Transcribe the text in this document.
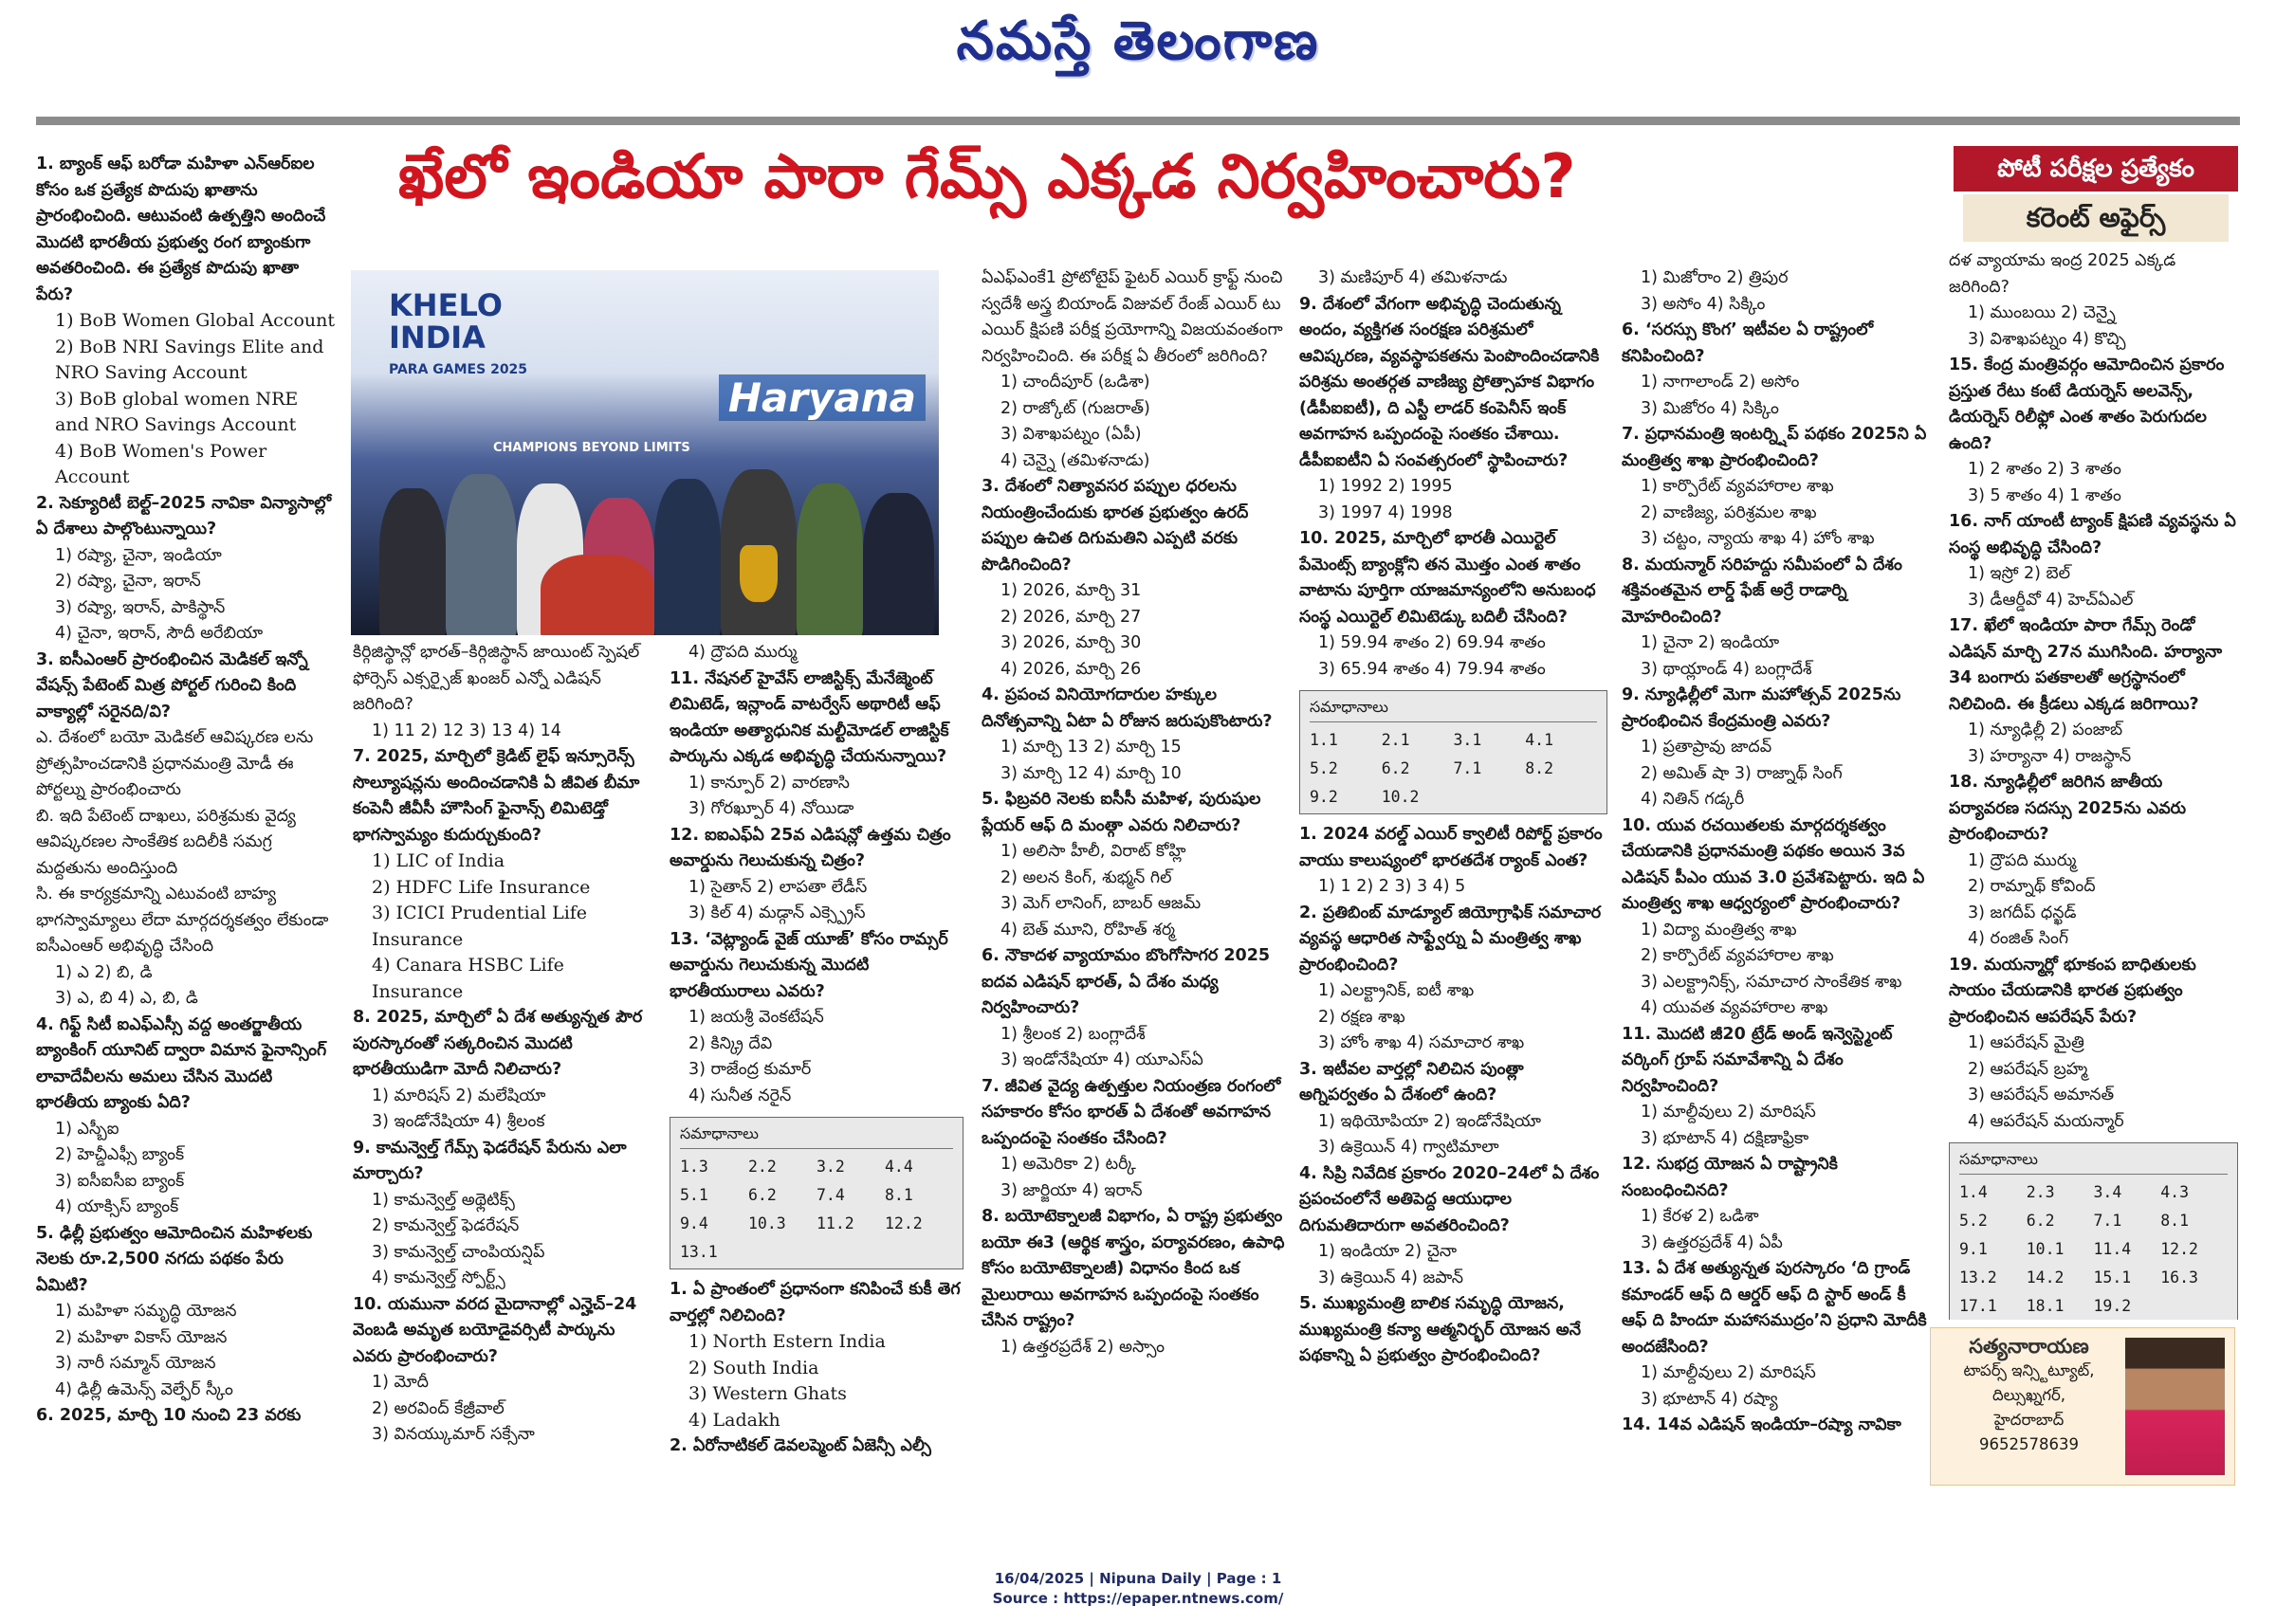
నమస్తే తెలంగాణ
ఖేలో ఇండియా పారా గేమ్స్ ఎక్కడ నిర్వహించారు?	పోటీ పరీక్షల ప్రత్యేకం
కరెంట్ అఫైర్స్
KHELO
INDIA
PARA GAMES 2025
Haryana
CHAMPIONS BEYOND LIMITS

1. బ్యాంక్ ఆఫ్ బరోడా మహిళా ఎన్ఆర్ఐల కోసం ఒక ప్రత్యేక పొదుపు ఖాతాను ప్రారంభించింది. ఆటువంటి ఉత్పత్తిని అందించే మొదటి భారతీయ ప్రభుత్వ రంగ బ్యాంకుగా అవతరించింది. ఈ ప్రత్యేక పొదుపు ఖాతా పేరు?

1) BoB Women Global Account

2) BoB NRI Savings Elite and NRO Saving Account

3) BoB global women NRE and NRO Savings Account

4) BoB Women's Power Account

2. సెక్యూరిటీ బెల్ట్–2025 నావికా విన్యాసాల్లో ఏ దేశాలు పాల్గొంటున్నాయి?

1) రష్యా, చైనా, ఇండియా

2) రష్యా, చైనా, ఇరాన్

3) రష్యా, ఇరాన్, పాకిస్థాన్

4) చైనా, ఇరాన్, సౌదీ అరేబియా

3. ఐసీఎంఆర్ ప్రారంభించిన మెడికల్ ఇన్నో వేషన్స్ పేటెంట్ మిత్ర పోర్టల్ గురించి కింది వాక్యాల్లో సరైనది/వి?

ఎ. దేశంలో బయో మెడికల్ ఆవిష్కరణ లను ప్రోత్సహించడానికి ప్రధానమంత్రి మోడీ ఈ పోర్టల్ను ప్రారంభించారు

బి. ఇది పేటెంట్ దాఖలు, పరిశ్రమకు వైద్య ఆవిష్కరణల సాంకేతిక బదిలీకి సమగ్ర మద్దతును అందిస్తుంది

సి. ఈ కార్యక్రమాన్ని ఎటువంటి బాహ్య భాగస్వామ్యాలు లేదా మార్గదర్శకత్వం లేకుండా ఐసీఎంఆర్ అభివృద్ధి చేసింది

1) ఎ 2) బి, డి

3) ఎ, బి 4) ఎ, బి, డి

4. గిఫ్ట్ సిటీ ఐఎఫ్ఎస్సీ వద్ద అంతర్జాతీయ బ్యాంకింగ్ యూనిట్ ద్వారా విమాన ఫైనాన్సింగ్ లావాదేవీలను అమలు చేసిన మొదటి భారతీయ బ్యాంకు ఏది?

1) ఎస్బీఐ

2) హెచ్డీఎఫ్సీ బ్యాంక్

3) ఐసీఐసీఐ బ్యాంక్

4) యాక్సిస్ బ్యాంక్

5. ఢిల్లీ ప్రభుత్వం ఆమోదించిన మహిళలకు నెలకు రూ.2,500 నగదు పథకం పేరు ఏమిటి?

1) మహిళా సమృద్ధి యోజన

2) మహిళా వికాస్ యోజన

3) నారీ సమ్మాన్ యోజన

4) ఢిల్లీ ఉమెన్స్ వెల్ఫేర్ స్కీం

6. 2025, మార్చి 10 నుంచి 23 వరకు

కిర్గిజిస్థాన్లో భారత్–కిర్గిజిస్థాన్ జాయింట్ స్పెషల్ ఫోర్సెస్ ఎక్సర్సైజ్ ఖంజర్ ఎన్నో ఎడిషన్ జరిగింది?

1) 11 2) 12 3) 13 4) 14

7. 2025, మార్చిలో క్రెడిట్ లైఫ్ ఇన్సూరెన్స్ సొల్యూషన్లను అందించడానికి ఏ జీవిత బీమా కంపెనీ జీవీసీ హౌసింగ్ ఫైనాన్స్ లిమిటెడ్తో భాగస్వామ్యం కుదుర్చుకుంది?

1) LIC of India

2) HDFC Life Insurance

3) ICICI Prudential Life Insurance

4) Canara HSBC Life Insurance

8. 2025, మార్చిలో ఏ దేశ అత్యున్నత పౌర పురస్కారంతో సత్కరించిన మొదటి భారతీయుడిగా మోదీ నిలిచారు?

1) మారిషస్ 2) మలేషియా

3) ఇండోనేషియా 4) శ్రీలంక

9. కామన్వెల్త్ గేమ్స్ ఫెడరేషన్ పేరును ఎలా మార్చారు?

1) కామన్వెల్త్ అథ్లెటిక్స్

2) కామన్వెల్త్ ఫెడరేషన్

3) కామన్వెల్త్ చాంపియన్షిప్

4) కామన్వెల్త్ స్పోర్ట్స్

10. యమునా వరద మైదానాల్లో ఎన్హెచ్–24 వెంబడి అమృత బయోడైవర్సిటీ పార్కును ఎవరు ప్రారంభించారు?

1) మోదీ

2) అరవింద్ కేజ్రీవాల్

3) వినయ్కుమార్ సక్సేనా

4) ద్రౌపది ముర్ము

11. నేషనల్ హైవేస్ లాజిస్టిక్స్ మేనేజ్మెంట్ లిమిటెడ్, ఇన్లాండ్ వాటర్వేస్ అథారిటీ ఆఫ్ ఇండియా అత్యాధునిక మల్టీమోడల్ లాజిస్టిక్ పార్కును ఎక్కడ అభివృద్ధి చేయనున్నాయి?

1) కాన్పూర్ 2) వారణాసి

3) గోరఖ్పూర్ 4) నోయిడా

12. ఐఐఎఫ్ఏ 25వ ఎడిషన్లో ఉత్తమ చిత్రం అవార్డును గెలుచుకున్న చిత్రం?

1) సైతాన్ 2) లాపతా లేడీస్

3) కిల్ 4) మడ్గాన్ ఎక్స్ప్రెస్

13. ‘వెట్ల్యాండ్ వైజ్ యూజ్’ కోసం రామ్సర్ అవార్డును గెలుచుకున్న మొదటి భారతీయురాలు ఎవరు?

1) జయశ్రీ వెంకటేషన్

2) కిన్క్రి దేవి

3) రాజేంద్ర కుమార్

4) సునీత నరైన్

సమాధానాలు
1.3	2.2	3.2	4.4
5.1	6.2	7.4	8.1
9.4	10.3	11.2	12.2
13.1

1. ఏ ప్రాంతంలో ప్రధానంగా కనిపించే కుకీ తెగ వార్తల్లో నిలిచింది?

1) North Estern India

2) South India

3) Western Ghats

4) Ladakh

2. ఏరోనాటికల్ డెవలప్మెంట్ ఏజెన్సీ ఎల్సీ

ఏఎఫ్ఎంకే1 ప్రోటోటైప్ ఫైటర్ ఎయిర్ క్రాఫ్ట్ నుంచి స్వదేశీ అస్త్ర బియాండ్ విజువల్ రేంజ్ ఎయిర్ టు ఎయిర్ క్షిపణి పరీక్ష ప్రయోగాన్ని విజయవంతంగా నిర్వహించింది. ఈ పరీక్ష ఏ తీరంలో జరిగింది?

1) చాందీపూర్ (ఒడిశా)

2) రాజ్కోట్ (గుజరాత్)

3) విశాఖపట్నం (ఏపీ)

4) చెన్నై (తమిళనాడు)

3. దేశంలో నిత్యావసర పప్పుల ధరలను నియంత్రించేందుకు భారత ప్రభుత్వం ఉరద్ పప్పుల ఉచిత దిగుమతిని ఎప్పటి వరకు పొడిగించింది?

1) 2026, మార్చి 31

2) 2026, మార్చి 27

3) 2026, మార్చి 30

4) 2026, మార్చి 26

4. ప్రపంచ వినియోగదారుల హక్కుల దినోత్సవాన్ని ఏటా ఏ రోజున జరుపుకొంటారు?

1) మార్చి 13 2) మార్చి 15

3) మార్చి 12 4) మార్చి 10

5. ఫిబ్రవరి నెలకు ఐసీసీ మహిళ, పురుషుల ప్లేయర్ ఆఫ్ ది మంత్గా ఎవరు నిలిచారు?

1) అలిసా హీలీ, విరాట్ కోహ్లి

2) అలన కింగ్, శుభ్మన్ గిల్

3) మెగ్ లానింగ్, బాబర్ ఆజమ్

4) బెత్ మూని, రోహిత్ శర్మ

6. నౌకాదళ వ్యాయామం బొంగోసాగర 2025 ఐదవ ఎడిషన్ భారత్, ఏ దేశం మధ్య నిర్వహించారు?

1) శ్రీలంక 2) బంగ్లాదేశ్

3) ఇండోనేషియా 4) యూఎస్ఏ

7. జీవిత వైద్య ఉత్పత్తుల నియంత్రణ రంగంలో సహకారం కోసం భారత్ ఏ దేశంతో అవగాహన ఒప్పందంపై సంతకం చేసింది?

1) అమెరికా 2) టర్కీ

3) జార్జియా 4) ఇరాన్

8. బయోటెక్నాలజీ విభాగం, ఏ రాష్ట్ర ప్రభుత్వం బయో ఈ3 (ఆర్థిక శాస్త్రం, పర్యావరణం, ఉపాధి కోసం బయోటెక్నాలజీ) విధానం కింద ఒక మైలురాయి అవగాహన ఒప్పందంపై సంతకం చేసిన రాష్ట్రం?

1) ఉత్తరప్రదేశ్ 2) అస్సాం

3) మణిపూర్ 4) తమిళనాడు

9. దేశంలో వేగంగా అభివృద్ధి చెందుతున్న అందం, వ్యక్తిగత సంరక్షణ పరిశ్రమలో ఆవిష్కరణ, వ్యవస్థాపకతను పెంపొందించడానికి పరిశ్రమ అంతర్గత వాణిజ్య ప్రోత్సాహక విభాగం (డీపీఐఐటీ), ది ఎస్టీ లాడర్ కంపెనీస్ ఇంక్ అవగాహన ఒప్పందంపై సంతకం చేశాయి. డీపీఐఐటీని ఏ సంవత్సరంలో స్థాపించారు?

1) 1992 2) 1995

3) 1997 4) 1998

10. 2025, మార్చిలో భారతీ ఎయిర్టెల్ పేమెంట్స్ బ్యాంక్లోని తన మొత్తం ఎంత శాతం వాటాను పూర్తిగా యాజమాన్యంలోని అనుబంధ సంస్థ ఎయిర్టెల్ లిమిటెడ్కు బదిలీ చేసింది?

1) 59.94 శాతం 2) 69.94 శాతం

3) 65.94 శాతం 4) 79.94 శాతం

సమాధానాలు
1.1	2.1	3.1	4.1
5.2	6.2	7.1	8.2
9.2	10.2

1. 2024 వరల్డ్ ఎయిర్ క్వాలిటీ రిపోర్ట్ ప్రకారం వాయు కాలుష్యంలో భారతదేశ ర్యాంక్ ఎంత?

1) 1 2) 2 3) 3 4) 5

2. ప్రతిబింబ్ మాడ్యూల్ జియోగ్రాఫిక్ సమాచార వ్యవస్థ ఆధారిత సాఫ్ట్వేర్ను ఏ మంత్రిత్వ శాఖ ప్రారంభించింది?

1) ఎలక్ట్రానిక్, ఐటీ శాఖ

2) రక్షణ శాఖ

3) హోం శాఖ 4) సమాచార శాఖ

3. ఇటీవల వార్తల్లో నిలిచిన పుంత్లా అగ్నిపర్వతం ఏ దేశంలో ఉంది?

1) ఇథియోపియా 2) ఇండోనేషియా

3) ఉక్రెయిన్ 4) గ్వాటిమాలా

4. సిప్రి నివేదిక ప్రకారం 2020–24లో ఏ దేశం ప్రపంచంలోనే అతిపెద్ద ఆయుధాల దిగుమతిదారుగా అవతరించింది?

1) ఇండియా 2) చైనా

3) ఉక్రెయిన్ 4) జపాన్

5. ముఖ్యమంత్రి బాలిక సమృద్ధి యోజన, ముఖ్యమంత్రి కన్యా ఆత్మనిర్భర్ యోజన అనే పథకాన్ని ఏ ప్రభుత్వం ప్రారంభించింది?

1) మిజోరాం 2) త్రిపుర

3) అసోం 4) సిక్కిం

6. ‘సరస్సు కొంగ’ ఇటీవల ఏ రాష్ట్రంలో కనిపించింది?

1) నాగాలాండ్ 2) అసోం

3) మిజోరం 4) సిక్కిం

7. ప్రధానమంత్రి ఇంటర్న్షిప్ పథకం 2025ని ఏ మంత్రిత్వ శాఖ ప్రారంభించింది?

1) కార్పొరేట్ వ్యవహారాల శాఖ

2) వాణిజ్య, పరిశ్రమల శాఖ

3) చట్టం, న్యాయ శాఖ 4) హోం శాఖ

8. మయన్మార్ సరిహద్దు సమీపంలో ఏ దేశం శక్తివంతమైన లార్డ్ ఫేజ్ అర్రే రాడార్ని మోహరించింది?

1) చైనా 2) ఇండియా

3) థాయ్లాండ్ 4) బంగ్లాదేశ్

9. న్యూఢిల్లీలో మెగా మహోత్సవ్ 2025ను ప్రారంభించిన కేంద్రమంత్రి ఎవరు?

1) ప్రతాప్రావు జాదవ్

2) అమిత్ షా 3) రాజ్నాథ్ సింగ్

4) నితిన్ గడ్కరీ

10. యువ రచయితలకు మార్గదర్శకత్వం చేయడానికి ప్రధానమంత్రి పథకం అయిన 3వ ఎడిషన్ పీఎం యువ 3.0 ప్రవేశపెట్టారు. ఇది ఏ మంత్రిత్వ శాఖ ఆధ్వర్యంలో ప్రారంభించారు?

1) విద్యా మంత్రిత్వ శాఖ

2) కార్పొరేట్ వ్యవహారాల శాఖ

3) ఎలక్ట్రానిక్స్, సమాచార సాంకేతిక శాఖ

4) యువత వ్యవహారాల శాఖ

11. మొదటి జీ20 ట్రేడ్ అండ్ ఇన్వెస్ట్మెంట్ వర్కింగ్ గ్రూప్ సమావేశాన్ని ఏ దేశం నిర్వహించింది?

1) మాల్దీవులు 2) మారిషస్

3) భూటాన్ 4) దక్షిణాఫ్రికా

12. సుభద్ర యోజన ఏ రాష్ట్రానికి సంబంధించినది?

1) కేరళ 2) ఒడిశా

3) ఉత్తరప్రదేశ్ 4) ఏపీ

13. ఏ దేశ అత్యున్నత పురస్కారం ‘ది గ్రాండ్ కమాండర్ ఆఫ్ ది ఆర్డర్ ఆఫ్ ది స్టార్ అండ్ కీ ఆఫ్ ది హిందూ మహాసముద్రం’ని ప్రధాని మోదీకి అందజేసింది?

1) మాల్దీవులు 2) మారిషస్

3) భూటాన్ 4) రష్యా

14. 14వ ఎడిషన్ ఇండియా–రష్యా నావికా

దళ వ్యాయామ ఇంద్ర 2025 ఎక్కడ జరిగింది?

1) ముంబయి 2) చెన్నై

3) విశాఖపట్నం 4) కొచ్చి

15. కేంద్ర మంత్రివర్గం ఆమోదించిన ప్రకారం ప్రస్తుత రేటు కంటే డియర్నెస్ అలవెన్స్, డియర్నెస్ రిలీఫ్లో ఎంత శాతం పెరుగుదల ఉంది?

1) 2 శాతం 2) 3 శాతం

3) 5 శాతం 4) 1 శాతం

16. నాగ్ యాంటీ ట్యాంక్ క్షిపణి వ్యవస్థను ఏ సంస్థ అభివృద్ధి చేసింది?

1) ఇస్రో 2) బెల్

3) డీఆర్డీవో 4) హెచ్ఏఎల్

17. ఖేలో ఇండియా పారా గేమ్స్ రెండో ఎడిషన్ మార్చి 27న ముగిసింది. హర్యానా 34 బంగారు పతకాలతో అగ్రస్థానంలో నిలిచింది. ఈ క్రీడలు ఎక్కడ జరిగాయి?

1) న్యూఢిల్లీ 2) పంజాబ్

3) హర్యానా 4) రాజస్థాన్

18. న్యూఢిల్లీలో జరిగిన జాతీయ పర్యావరణ సదస్సు 2025ను ఎవరు ప్రారంభించారు?

1) ద్రౌపది ముర్ము

2) రామ్నాథ్ కోవింద్

3) జగదీప్ ధన్ఖడ్

4) రంజిత్ సింగ్

19. మయన్మార్లో భూకంప బాధితులకు సాయం చేయడానికి భారత ప్రభుత్వం ప్రారంభించిన ఆపరేషన్ పేరు?

1) ఆపరేషన్ మైత్రి

2) ఆపరేషన్ బ్రహ్మ

3) ఆపరేషన్ అమానత్

4) ఆపరేషన్ మయన్మార్

సమాధానాలు
1.4	2.3	3.4	4.3
5.2	6.2	7.1	8.1
9.1	10.1	11.4	12.2
13.2	14.2	15.1	16.3
17.1	18.1	19.2
సత్యనారాయణ
టాపర్స్ ఇన్స్టిట్యూట్,
దిల్సుఖ్నగర్,
హైదరాబాద్
9652578639
16/04/2025 | Nipuna Daily | Page : 1
Source : https://epaper.ntnews.com/
